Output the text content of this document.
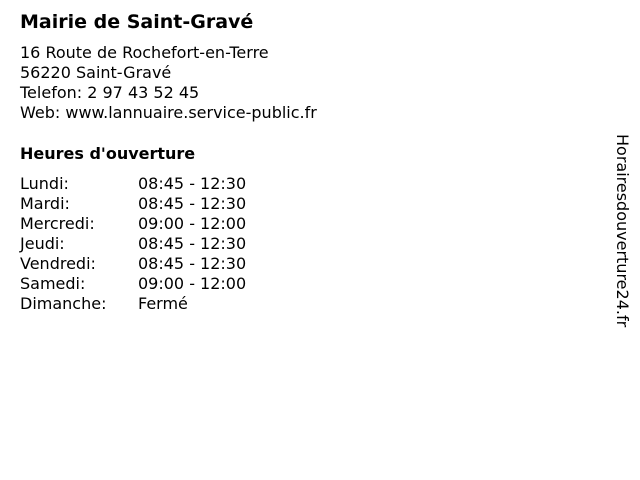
Mairie de Saint-Gravé
16 Route de Rochefort-en-Terre
56220 Saint-Gravé
Telefon: 2 97 43 52 45
Web: www.lannuaire.service-public.fr
Heures d'ouverture
Lundi:	08:45 - 12:30
Mardi:	08:45 - 12:30
Mercredi:	09:00 - 12:00
Jeudi:	08:45 - 12:30
Vendredi:	08:45 - 12:30
Samedi:	09:00 - 12:00
Dimanche:	Fermé	Horairesdouverture24.fr
